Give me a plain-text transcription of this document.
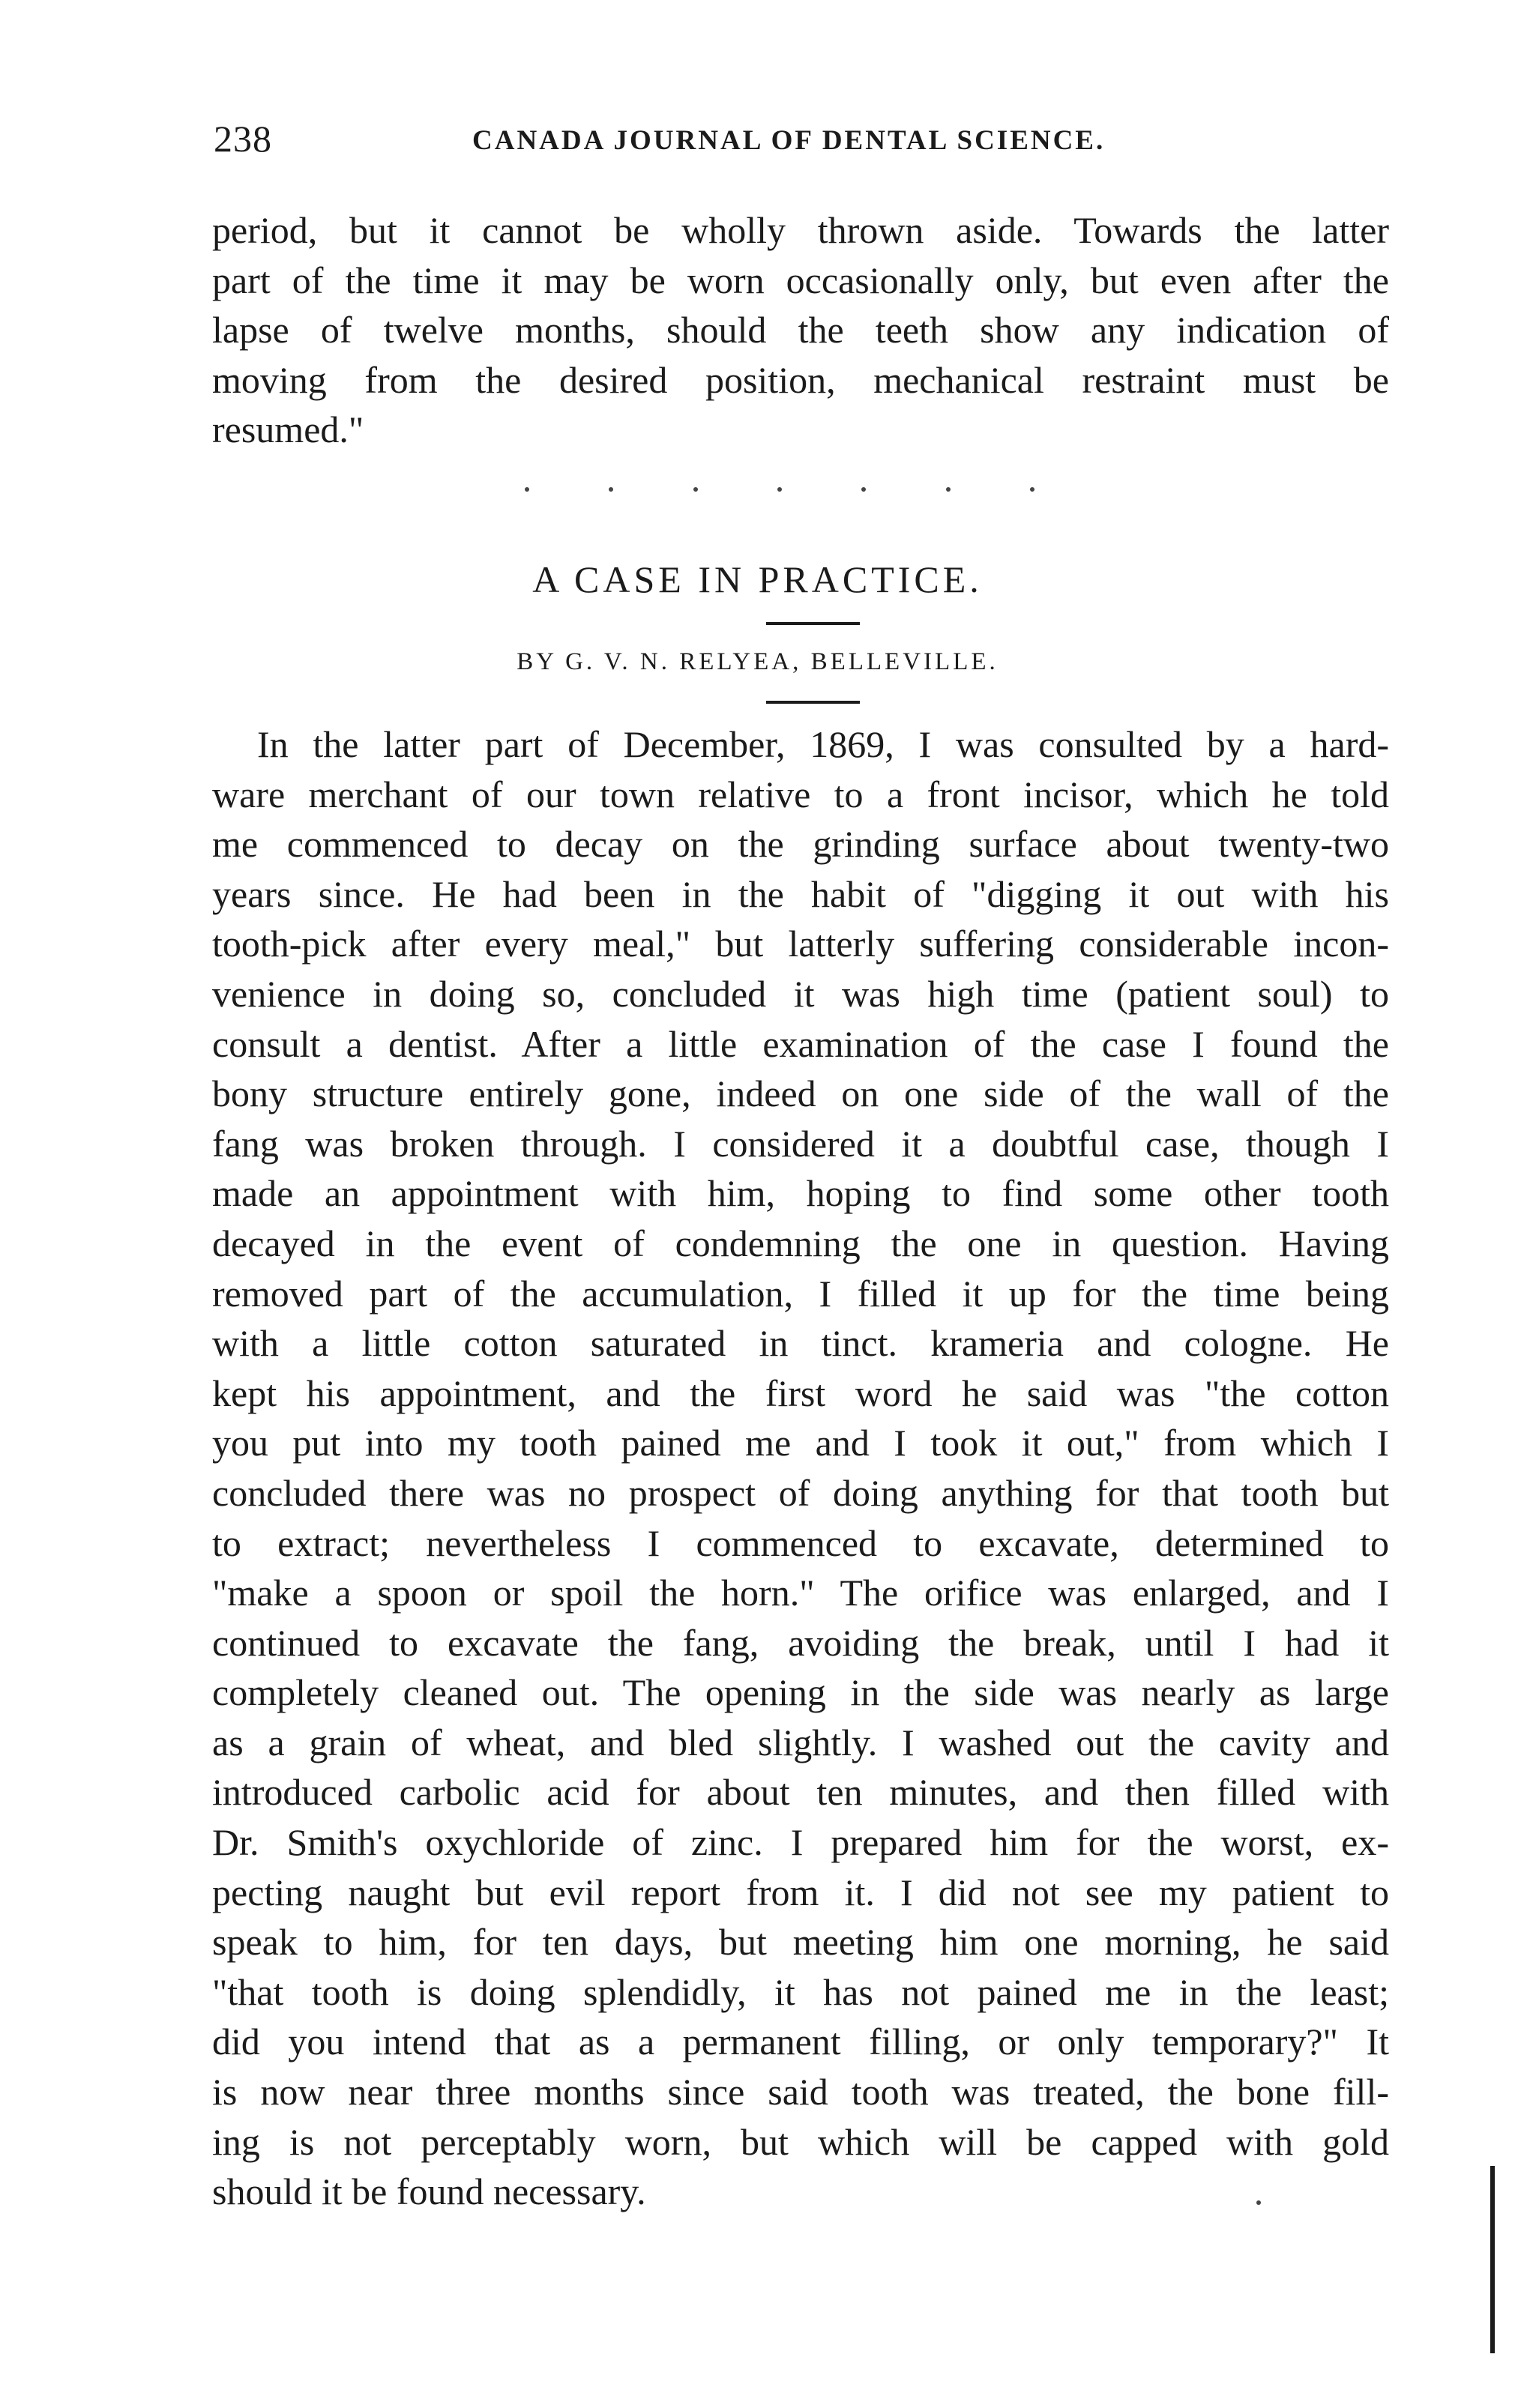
238	CANADA JOURNAL OF DENTAL SCIENCE.
period, but it cannot be wholly thrown aside. Towards the latter
part of the time it may be worn occasionally only, but even after the
lapse of twelve months, should the teeth show any indication of
moving from the desired position, mechanical restraint must be
resumed."
A CASE IN PRACTICE.
BY G. V. N. RELYEA, BELLEVILLE.
In the latter part of December, 1869, I was consulted by a hard-
ware merchant of our town relative to a front incisor, which he told
me commenced to decay on the grinding surface about twenty-two
years since. He had been in the habit of "digging it out with his
tooth-pick after every meal," but latterly suffering considerable incon-
venience in doing so, concluded it was high time (patient soul) to
consult a dentist. After a little examination of the case I found the
bony structure entirely gone, indeed on one side of the wall of the
fang was broken through. I considered it a doubtful case, though I
made an appointment with him, hoping to find some other tooth
decayed in the event of condemning the one in question. Having
removed part of the accumulation, I filled it up for the time being
with a little cotton saturated in tinct. krameria and cologne. He
kept his appointment, and the first word he said was "the cotton
you put into my tooth pained me and I took it out," from which I
concluded there was no prospect of doing anything for that tooth but
to extract; nevertheless I commenced to excavate, determined to
"make a spoon or spoil the horn." The orifice was enlarged, and I
continued to excavate the fang, avoiding the break, until I had it
completely cleaned out. The opening in the side was nearly as large
as a grain of wheat, and bled slightly. I washed out the cavity and
introduced carbolic acid for about ten minutes, and then filled with
Dr. Smith's oxychloride of zinc. I prepared him for the worst, ex-
pecting naught but evil report from it. I did not see my patient to
speak to him, for ten days, but meeting him one morning, he said
"that tooth is doing splendidly, it has not pained me in the least;
did you intend that as a permanent filling, or only temporary?" It
is now near three months since said tooth was treated, the bone fill-
ing is not perceptably worn, but which will be capped with gold
should it be found necessary.
